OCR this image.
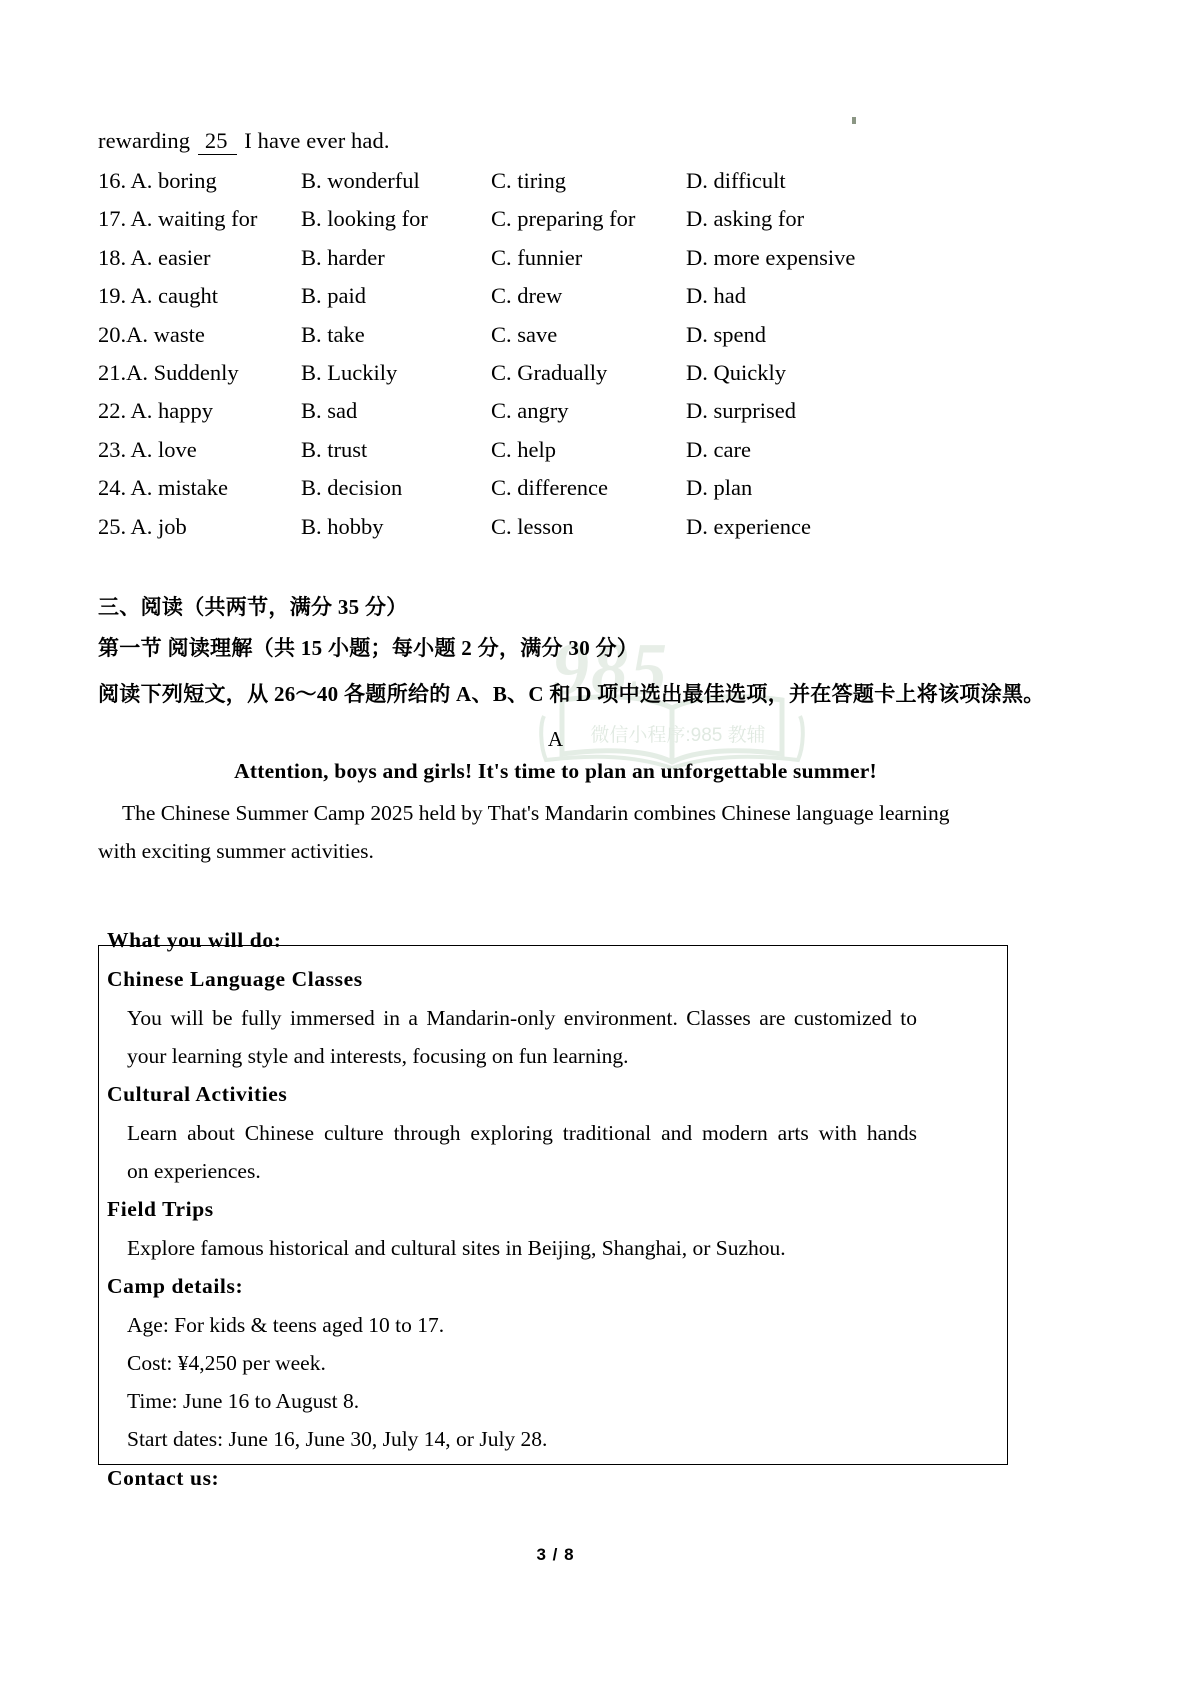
985
微信小程序:985 教辅
rewarding 25 I have ever had.
16. A. boring	B. wonderful	C. tiring	D. difficult
17. A. waiting for B. looking for	C. preparing for D. asking for
18. A. easier	B. harder	C. funnier	D. more expensive
19. A. caught	B. paid	C. drew	D. had
20.A. waste	B. take	C. save	D. spend
21.A. Suddenly	B. Luckily	C. Gradually	D. Quickly
22. A. happy	B. sad	C. angry	D. surprised
23. A. love	B. trust	C. help	D. care
24. A. mistake	B. decision	C. difference	D. plan
25. A. job	B. hobby	C. lesson	D. experience
三、阅读（共两节，满分 35 分）
第一节 阅读理解（共 15 小题；每小题 2 分，满分 30 分）
阅读下列短文，从 26～40 各题所给的 A、B、C 和 D 项中选出最佳选项，并在答题卡上将该项涂黑。
A
Attention, boys and girls! It's time to plan an unforgettable summer!
The Chinese Summer Camp 2025 held by That's Mandarin combines Chinese language learning with exciting summer activities.
What you will do:
Chinese Language Classes
You will be fully immersed in a Mandarin-only environment. Classes are customized to
your learning style and interests, focusing on fun learning.
Cultural Activities
Learn about Chinese culture through exploring traditional and modern arts with hands
on experiences.
Field Trips
Explore famous historical and cultural sites in Beijing, Shanghai, or Suzhou.
Camp details:
Age: For kids & teens aged 10 to 17.
Cost: ¥4,250 per week.
Time: June 16 to August 8.
Start dates: June 16, June 30, July 14, or July 28.
Contact us:
3 / 8
